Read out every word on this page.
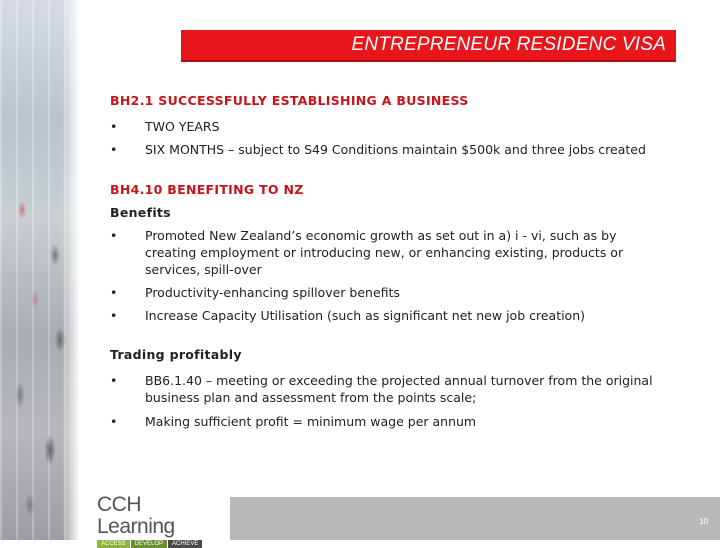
ENTREPRENEUR RESIDENC VISA
BH2.1 SUCCESSFULLY ESTABLISHING A BUSINESS
•	TWO YEARS
•	SIX MONTHS – subject to S49 Conditions maintain $500k and three jobs created
BH4.10 BENEFITING TO NZ
Benefits
•	Promoted New Zealand’s economic growth as set out in a) i - vi, such as by creating employment or introducing new, or enhancing existing, products or services, spill-over
•	Productivity-enhancing spillover benefits
•	Increase Capacity Utilisation (such as significant net new job creation)
Trading profitably
•	BB6.1.40 – meeting or exceeding the projected annual turnover from the original business plan and assessment from the points scale;
•	Making sufficient profit = minimum wage per annum
CCH Learning
ACCESS	DEVELOP	ACHIEVE
10
